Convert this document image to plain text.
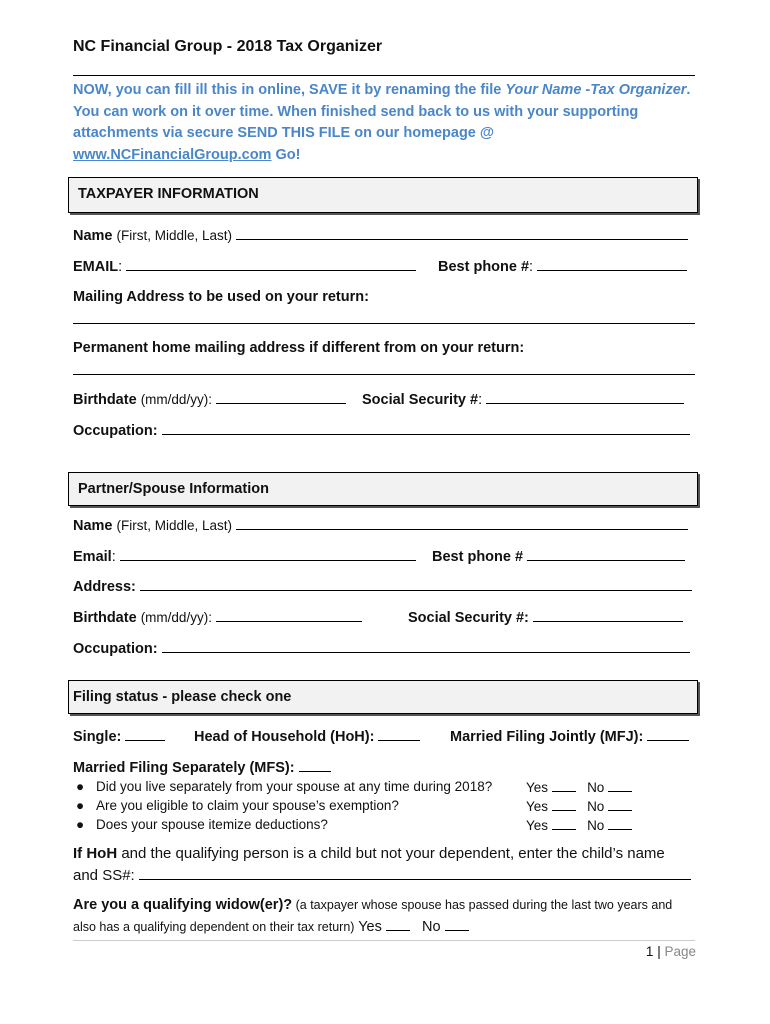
NC Financial Group - 2018 Tax Organizer
NOW, you can fill ill this in online, SAVE it by renaming the file Your Name -Tax Organizer. You can work on it over time. When finished send back to us with your supporting attachments via secure SEND THIS FILE on our homepage @ www.NCFinancialGroup.com Go!
TAXPAYER INFORMATION
Name (First, Middle, Last)
EMAIL:	Best phone #:
Mailing Address to be used on your return:
Permanent home mailing address if different from on your return:
Birthdate (mm/dd/yy):	Social Security #:
Occupation:
Partner/Spouse Information
Name (First, Middle, Last)
Email:	Best phone #
Address:
Birthdate (mm/dd/yy):	Social Security #:
Occupation:
Filing status - please check one
Single:	Head of Household (HoH):	Married Filing Jointly (MFJ):
Married Filing Separately (MFS):
● Did you live separately from your spouse at any time during 2018?	Yes	No
● Are you eligible to claim your spouse’s exemption?	Yes	No
● Does your spouse itemize deductions?	Yes	No
If HoH and the qualifying person is a child but not your dependent, enter the child’s name
and SS#:
Are you a qualifying widow(er)? (a taxpayer whose spouse has passed during the last two years and
also has a qualifying dependent on their tax return) Yes	No
1 | Page
